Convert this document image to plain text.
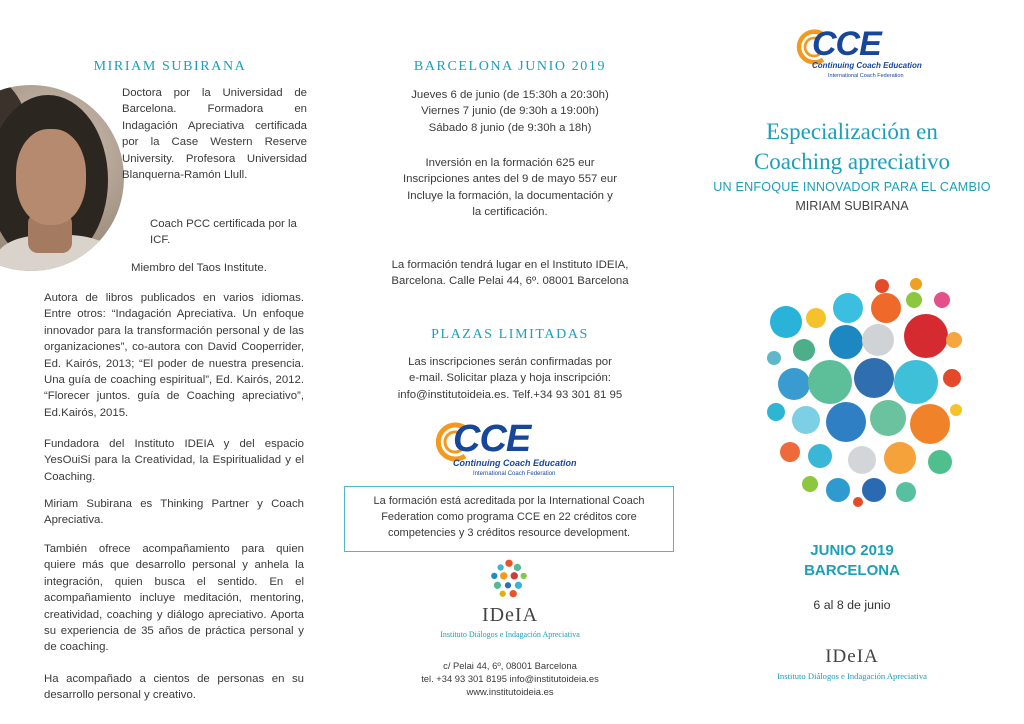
MIRIAM SUBIRANA
Doctora por la Universidad de Barcelona. Formadora en Indagación Apreciativa certificada por la Case Western Reserve University. Profesora Universidad Blanquerna-Ramón Llull.
Coach PCC certificada por la ICF.
Miembro del Taos Institute.
Autora de libros publicados en varios idiomas. Entre otros: “Indagación Apreciativa. Un enfoque innovador para la transformación personal y de las organizaciones”, co-autora con David Cooperrider, Ed. Kairós, 2013; “El poder de nuestra presencia. Una guía de coaching espiritual”, Ed. Kairós, 2012. “Florecer juntos. guía de Coaching apreciativo”, Ed.Kairós, 2015.
Fundadora del Instituto IDEIA y del espacio YesOuiSi para la Creatividad, la Espiritualidad y el Coaching.
Miriam Subirana es Thinking Partner y Coach Apreciativa.
También ofrece acompañamiento para quien quiere más que desarrollo personal y anhela la integración, quien busca el sentido. En el acompañamiento incluye meditación, mentoring, creatividad, coaching y diálogo apreciativo. Aporta su experiencia de 35 años de práctica personal y de coaching.
Ha acompañado a cientos de personas en su desarrollo personal y creativo.
BARCELONA JUNIO 2019
Jueves 6 de junio (de 15:30h a 20:30h)
Viernes 7 junio (de 9:30h a 19:00h)
Sábado 8 junio (de 9:30h a 18h)
Inversión en la formación 625 eur
Inscripciones antes del 9 de mayo 557 eur
Incluye la formación, la documentación y
la certificación.
La formación tendrá lugar en el Instituto IDEIA,
Barcelona. Calle Pelai 44, 6º. 08001 Barcelona
PLAZAS LIMITADAS
Las inscripciones serán confirmadas por
e-mail. Solicitar plaza y hoja inscripción:
info@institutoideia.es. Telf.+34 93 301 81 95
CCE
Continuing Coach Education
International Coach Federation
La formación está acreditada por la International Coach
Federation como programa CCE en 22 créditos core
competencies y 3 créditos resource development.
IDeIA
Instituto Diálogos e Indagación Apreciativa
c/ Pelai 44, 6º, 08001 Barcelona
tel. +34 93 301 8195 info@institutoideia.es
www.institutoideia.es
CCE
Continuing Coach Education
International Coach Federation
Especialización en
Coaching apreciativo
UN ENFOQUE INNOVADOR PARA EL CAMBIO
MIRIAM SUBIRANA
JUNIO 2019
BARCELONA
6 al 8 de junio
IDeIA
Instituto Diálogos e Indagación Apreciativa
